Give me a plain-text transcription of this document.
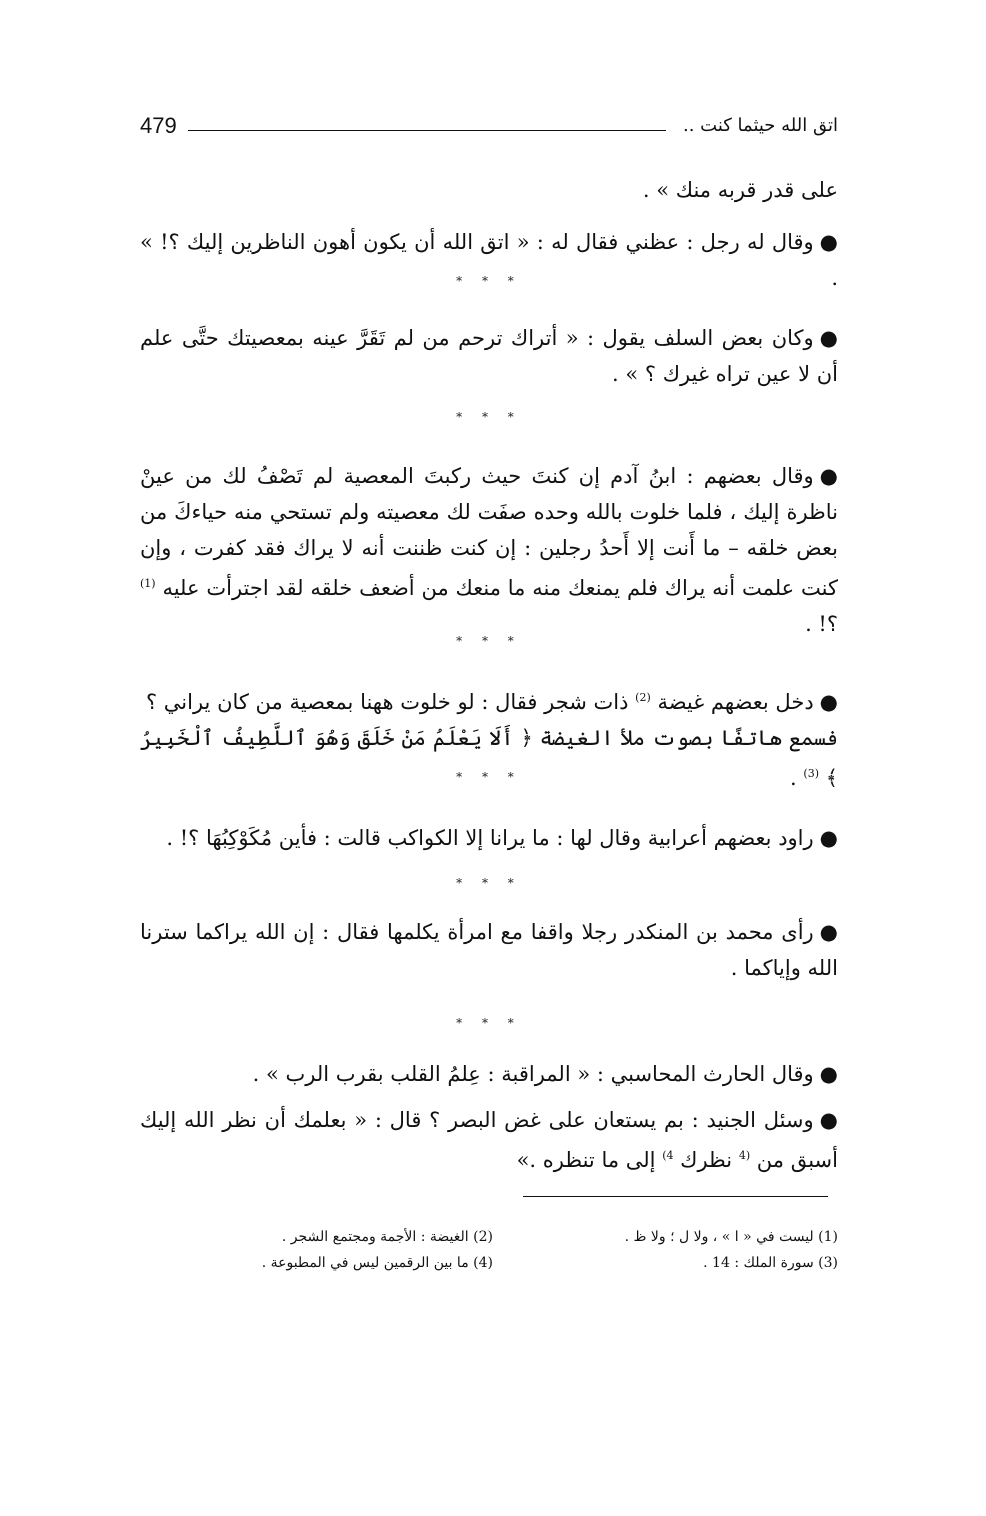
479	اتق الله حيثما كنت ..

على قدر قربه منك » .

●وقال له رجل : عظني فقال له : « اتق الله أن يكون أهون الناظرين إليك ؟! » .

* * *

●وكان بعض السلف يقول : « أتراك ترحم من لم تَقَرَّ عينه بمعصيتك حتَّى علم أن لا عين تراه غيرك ؟ » .

* * *

●وقال بعضهم : ابنُ آدم إن كنتَ حيث ركبتَ المعصية لم تَصْفُ لك من عينْ ناظرة إليك ، فلما خلوت بالله وحده صفَت لك معصيته ولم تستحي منه حياءكَ من بعض خلقه – ما أَنت إلا أَحدُ رجلين : إن كنت ظننت أنه لا يراك فقد كفرت ، وإن كنت علمت أنه يراك فلم يمنعك منه ما منعك من أضعف خلقه لقد اجترأت عليه $^{(1)}$ ؟! .

* * *

●دخل بعضهم غيضة $^{(2)}$ ذات شجر فقال : لو خلوت ههنا بمعصية من كان يراني ؟

فسمع هاتفًا بصوت ملأ الغيضة ﴿ أَلَا يَعْلَمُ مَنْ خَلَقَ وَهُوَ ٱللَّطِيفُ ٱلْخَبِيرُ ﴾ $^{(3)}$ .

* * *

●راود بعضهم أعرابية وقال لها : ما يرانا إلا الكواكب قالت : فأين مُكَوْكِبُهَا ؟! .

* * *

●رأى محمد بن المنكدر رجلا واقفا مع امرأة يكلمها فقال : إن الله يراكما سترنا الله وإياكما .

* * *

●وقال الحارث المحاسبي : « المراقبة : عِلمُ القلب بقرب الرب » .

●وسئل الجنيد : بم يستعان على غض البصر ؟ قال : « بعلمك أن نظر الله إليك أسبق من $^{(4}$ نظرك $^{4)}$ إلى ما تنظره .»

(1) ليست في « ا » ، ولا ل ؛ ولا ظ .
(2) الغيضة : الأجمة ومجتمع الشجر .
(3) سورة الملك : 14 .
(4) ما بين الرقمين ليس في المطبوعة .
